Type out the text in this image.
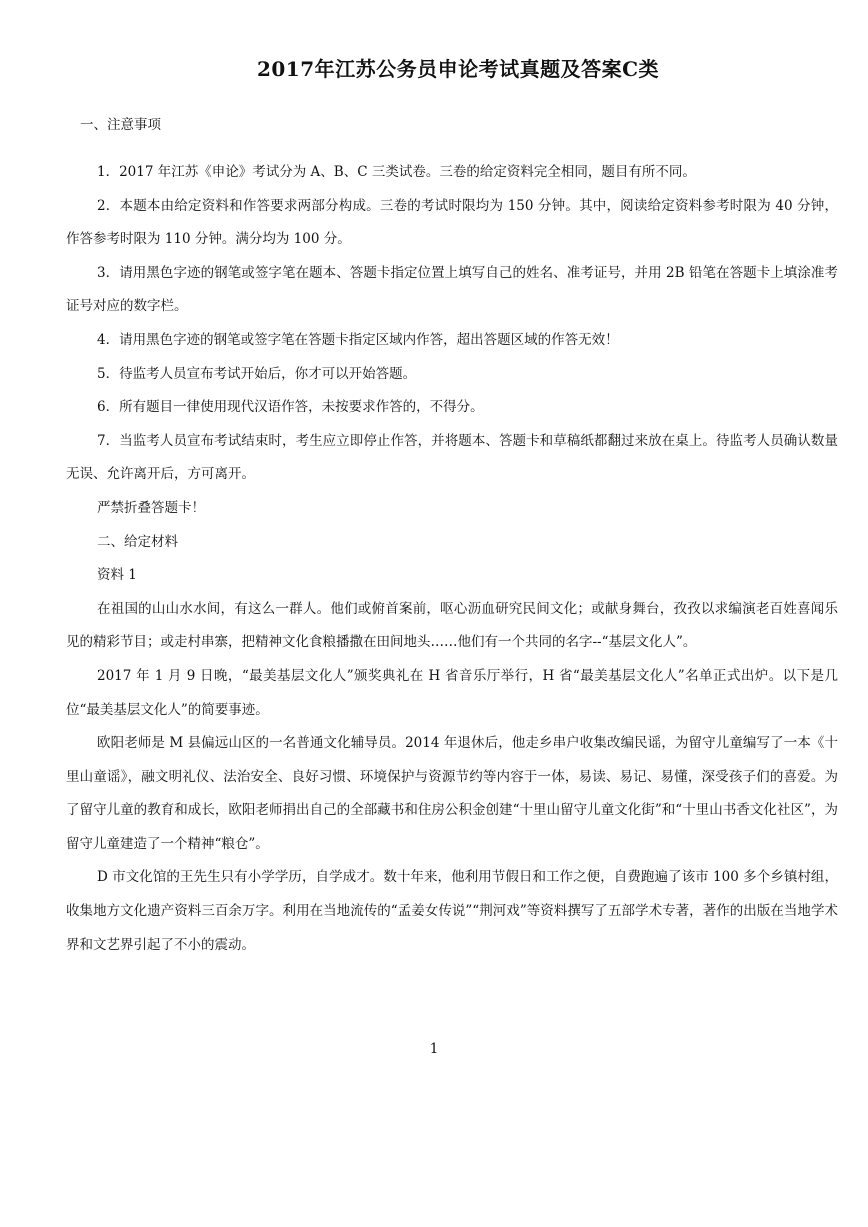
2017年江苏公务员申论考试真题及答案C类
一、注意事项

1．2017 年江苏《申论》考试分为 A、B、C 三类试卷。三卷的给定资料完全相同，题目有所不同。

2．本题本由给定资料和作答要求两部分构成。三卷的考试时限均为 150 分钟。其中，阅读给定资料参考时限为 40 分钟，作答参考时限为 110 分钟。满分均为 100 分。

3．请用黑色字迹的钢笔或签字笔在题本、答题卡指定位置上填写自己的姓名、准考证号，并用 2B 铅笔在答题卡上填涂准考证号对应的数字栏。

4．请用黑色字迹的钢笔或签字笔在答题卡指定区域内作答，超出答题区域的作答无效！

5．待监考人员宣布考试开始后，你才可以开始答题。

6．所有题目一律使用现代汉语作答，未按要求作答的，不得分。

7．当监考人员宣布考试结束时，考生应立即停止作答，并将题本、答题卡和草稿纸都翻过来放在桌上。待监考人员确认数量无误、允许离开后，方可离开。

严禁折叠答题卡！

二、给定材料

资料 1

在祖国的山山水水间，有这么一群人。他们或俯首案前，呕心沥血研究民间文化；或献身舞台，孜孜以求编演老百姓喜闻乐见的精彩节目；或走村串寨，把精神文化食粮播撒在田间地头……他们有一个共同的名字--“基层文化人”。

2017 年 1 月 9 日晚，“最美基层文化人”颁奖典礼在 H 省音乐厅举行，H 省“最美基层文化人”名单正式出炉。以下是几位“最美基层文化人”的简要事迹。

欧阳老师是 M 县偏远山区的一名普通文化辅导员。2014 年退休后，他走乡串户收集改编民谣，为留守儿童编写了一本《十里山童谣》，融文明礼仪、法治安全、良好习惯、环境保护与资源节约等内容于一体，易读、易记、易懂，深受孩子们的喜爱。为了留守儿童的教育和成长，欧阳老师捐出自己的全部藏书和住房公积金创建“十里山留守儿童文化街”和“十里山书香文化社区”，为留守儿童建造了一个精神“粮仓”。

D 市文化馆的王先生只有小学学历，自学成才。数十年来，他利用节假日和工作之便，自费跑遍了该市 100 多个乡镇村组，收集地方文化遗产资料三百余万字。利用在当地流传的“孟姜女传说”“荆河戏”等资料撰写了五部学术专著，著作的出版在当地学术界和文艺界引起了不小的震动。

1
